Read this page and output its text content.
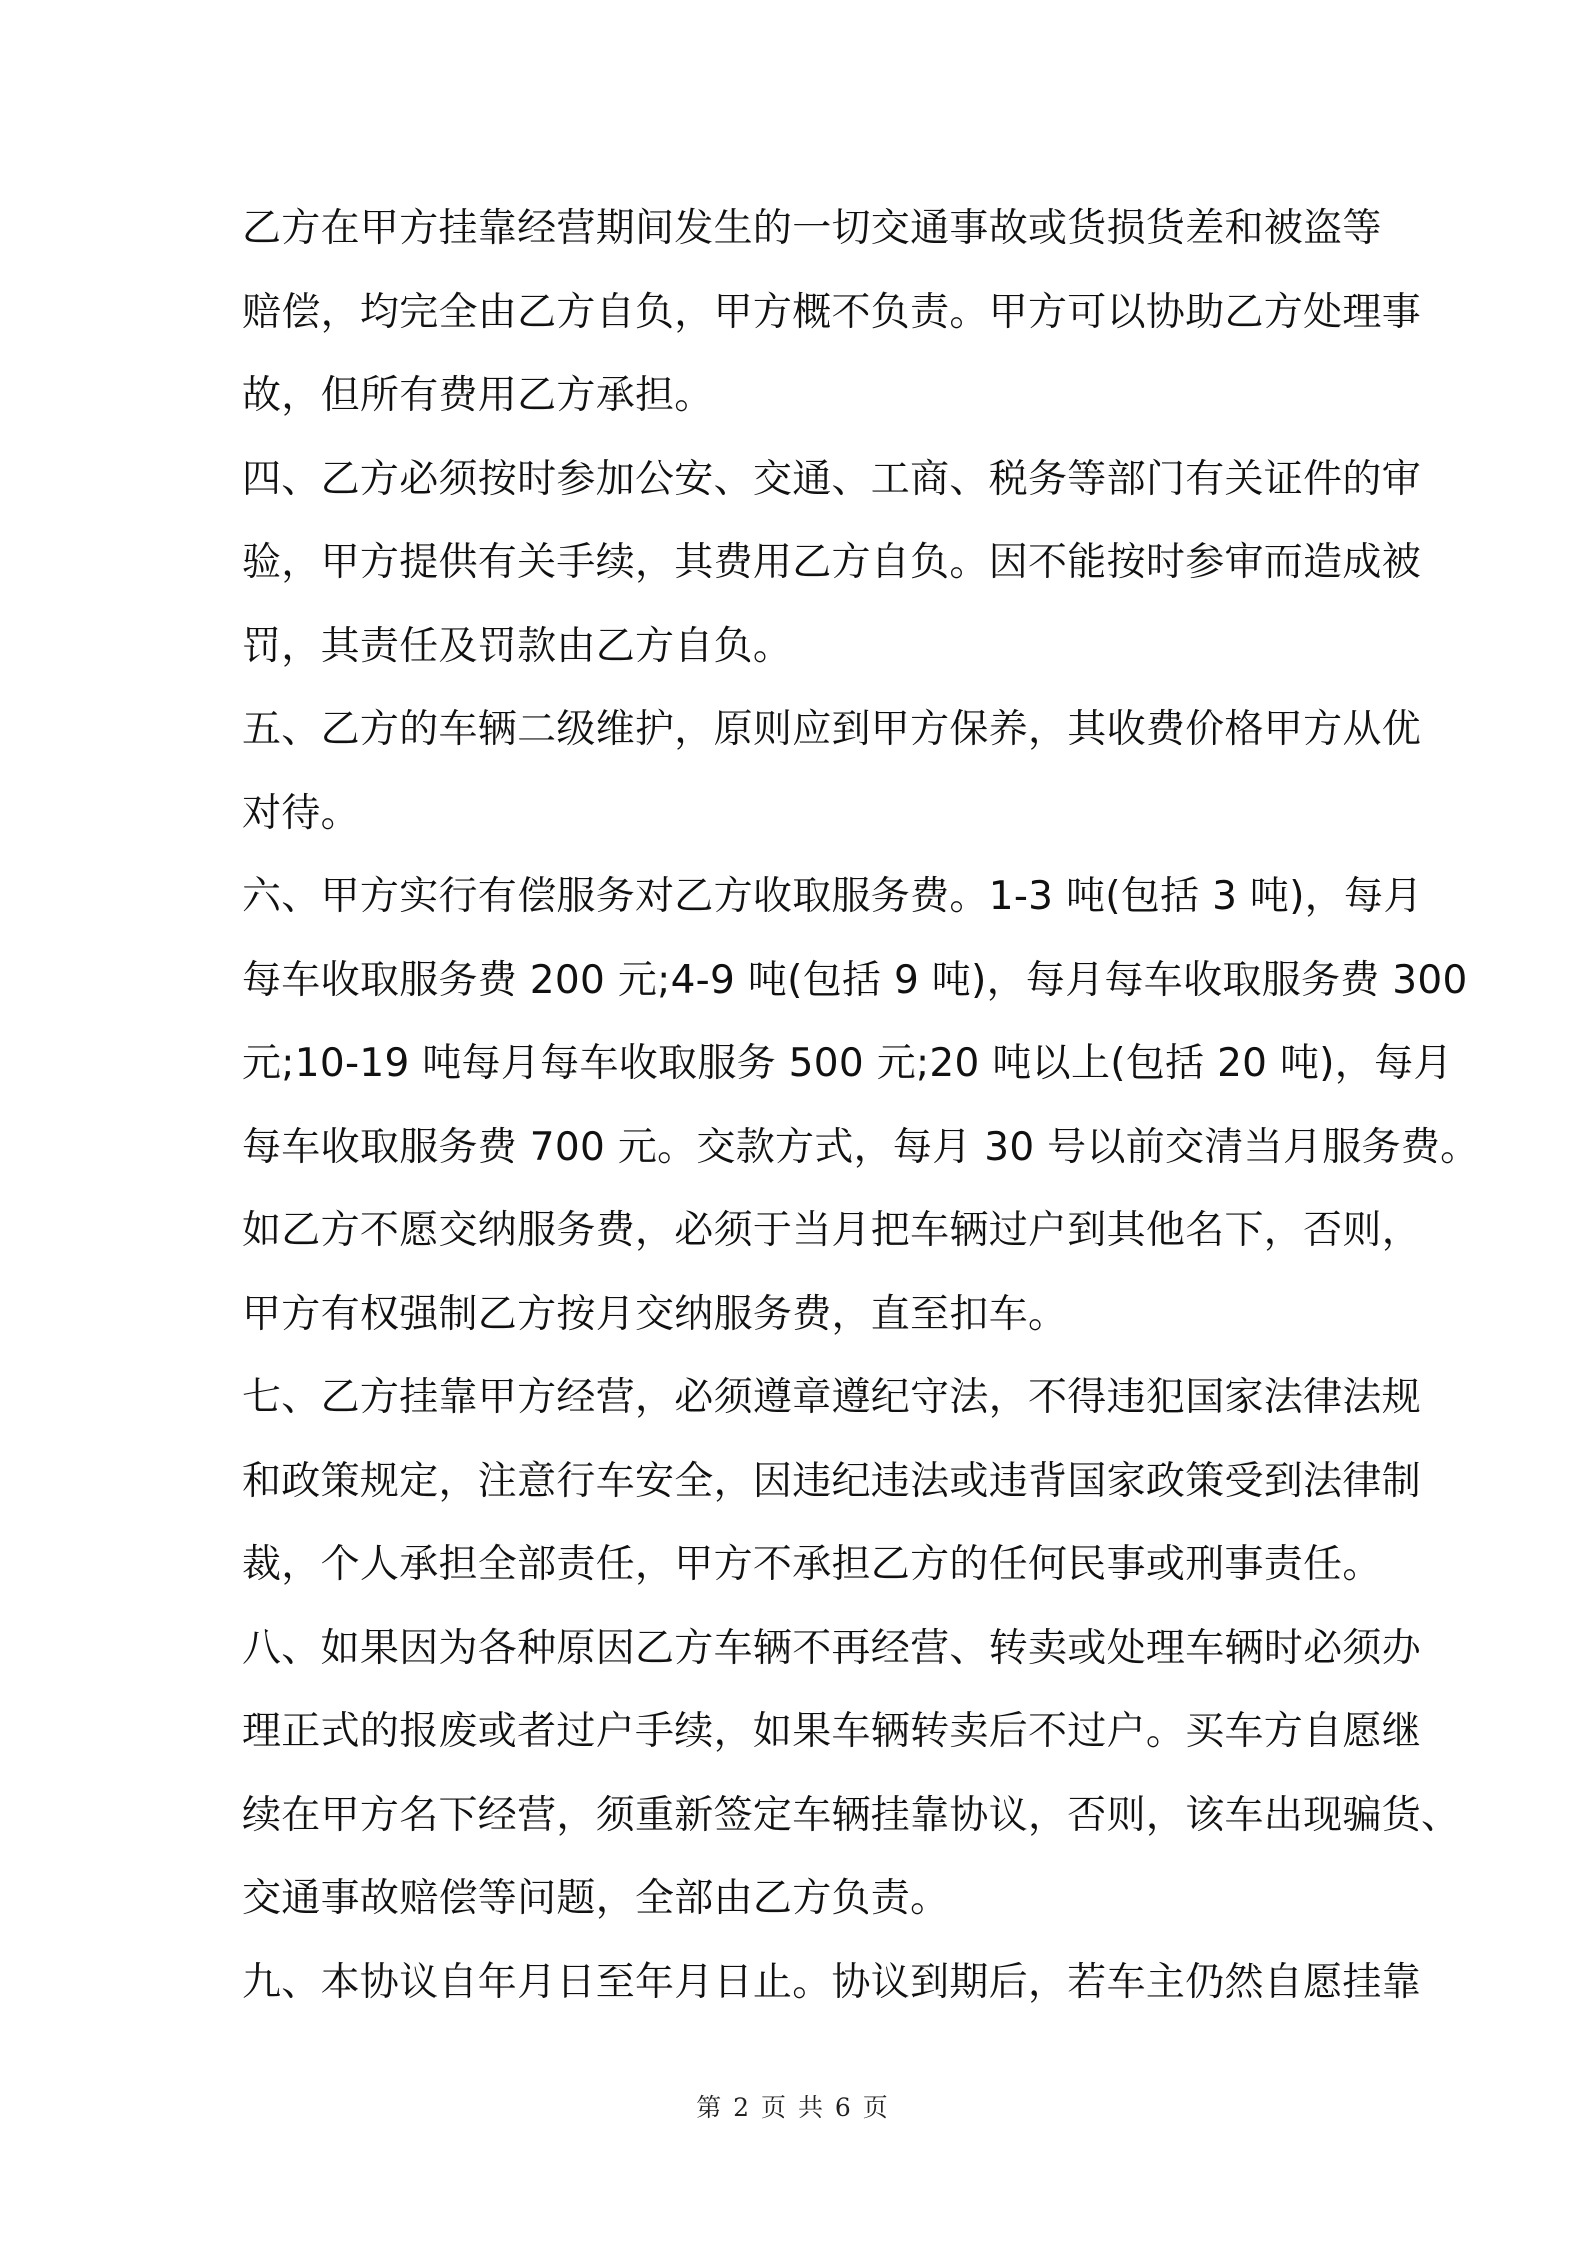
乙方在甲方挂靠经营期间发生的一切交通事故或货损货差和被盗等
赔偿，均完全由乙方自负，甲方概不负责。甲方可以协助乙方处理事
故，但所有费用乙方承担。
四、乙方必须按时参加公安、交通、工商、税务等部门有关证件的审
验，甲方提供有关手续，其费用乙方自负。因不能按时参审而造成被
罚，其责任及罚款由乙方自负。
五、乙方的车辆二级维护，原则应到甲方保养，其收费价格甲方从优
对待。
六、甲方实行有偿服务对乙方收取服务费。1-3 吨(包括 3 吨)，每月
每车收取服务费 200 元;4-9 吨(包括 9 吨)，每月每车收取服务费 300
元;10-19 吨每月每车收取服务 500 元;20 吨以上(包括 20 吨)，每月
每车收取服务费 700 元。交款方式，每月 30 号以前交清当月服务费。
如乙方不愿交纳服务费，必须于当月把车辆过户到其他名下，否则，
甲方有权强制乙方按月交纳服务费，直至扣车。
七、乙方挂靠甲方经营，必须遵章遵纪守法，不得违犯国家法律法规
和政策规定，注意行车安全，因违纪违法或违背国家政策受到法律制
裁，个人承担全部责任，甲方不承担乙方的任何民事或刑事责任。
八、如果因为各种原因乙方车辆不再经营、转卖或处理车辆时必须办
理正式的报废或者过户手续，如果车辆转卖后不过户。买车方自愿继
续在甲方名下经营，须重新签定车辆挂靠协议，否则，该车出现骗货、
交通事故赔偿等问题，全部由乙方负责。
九、本协议自年月日至年月日止。协议到期后，若车主仍然自愿挂靠
第 2 页 共 6 页
